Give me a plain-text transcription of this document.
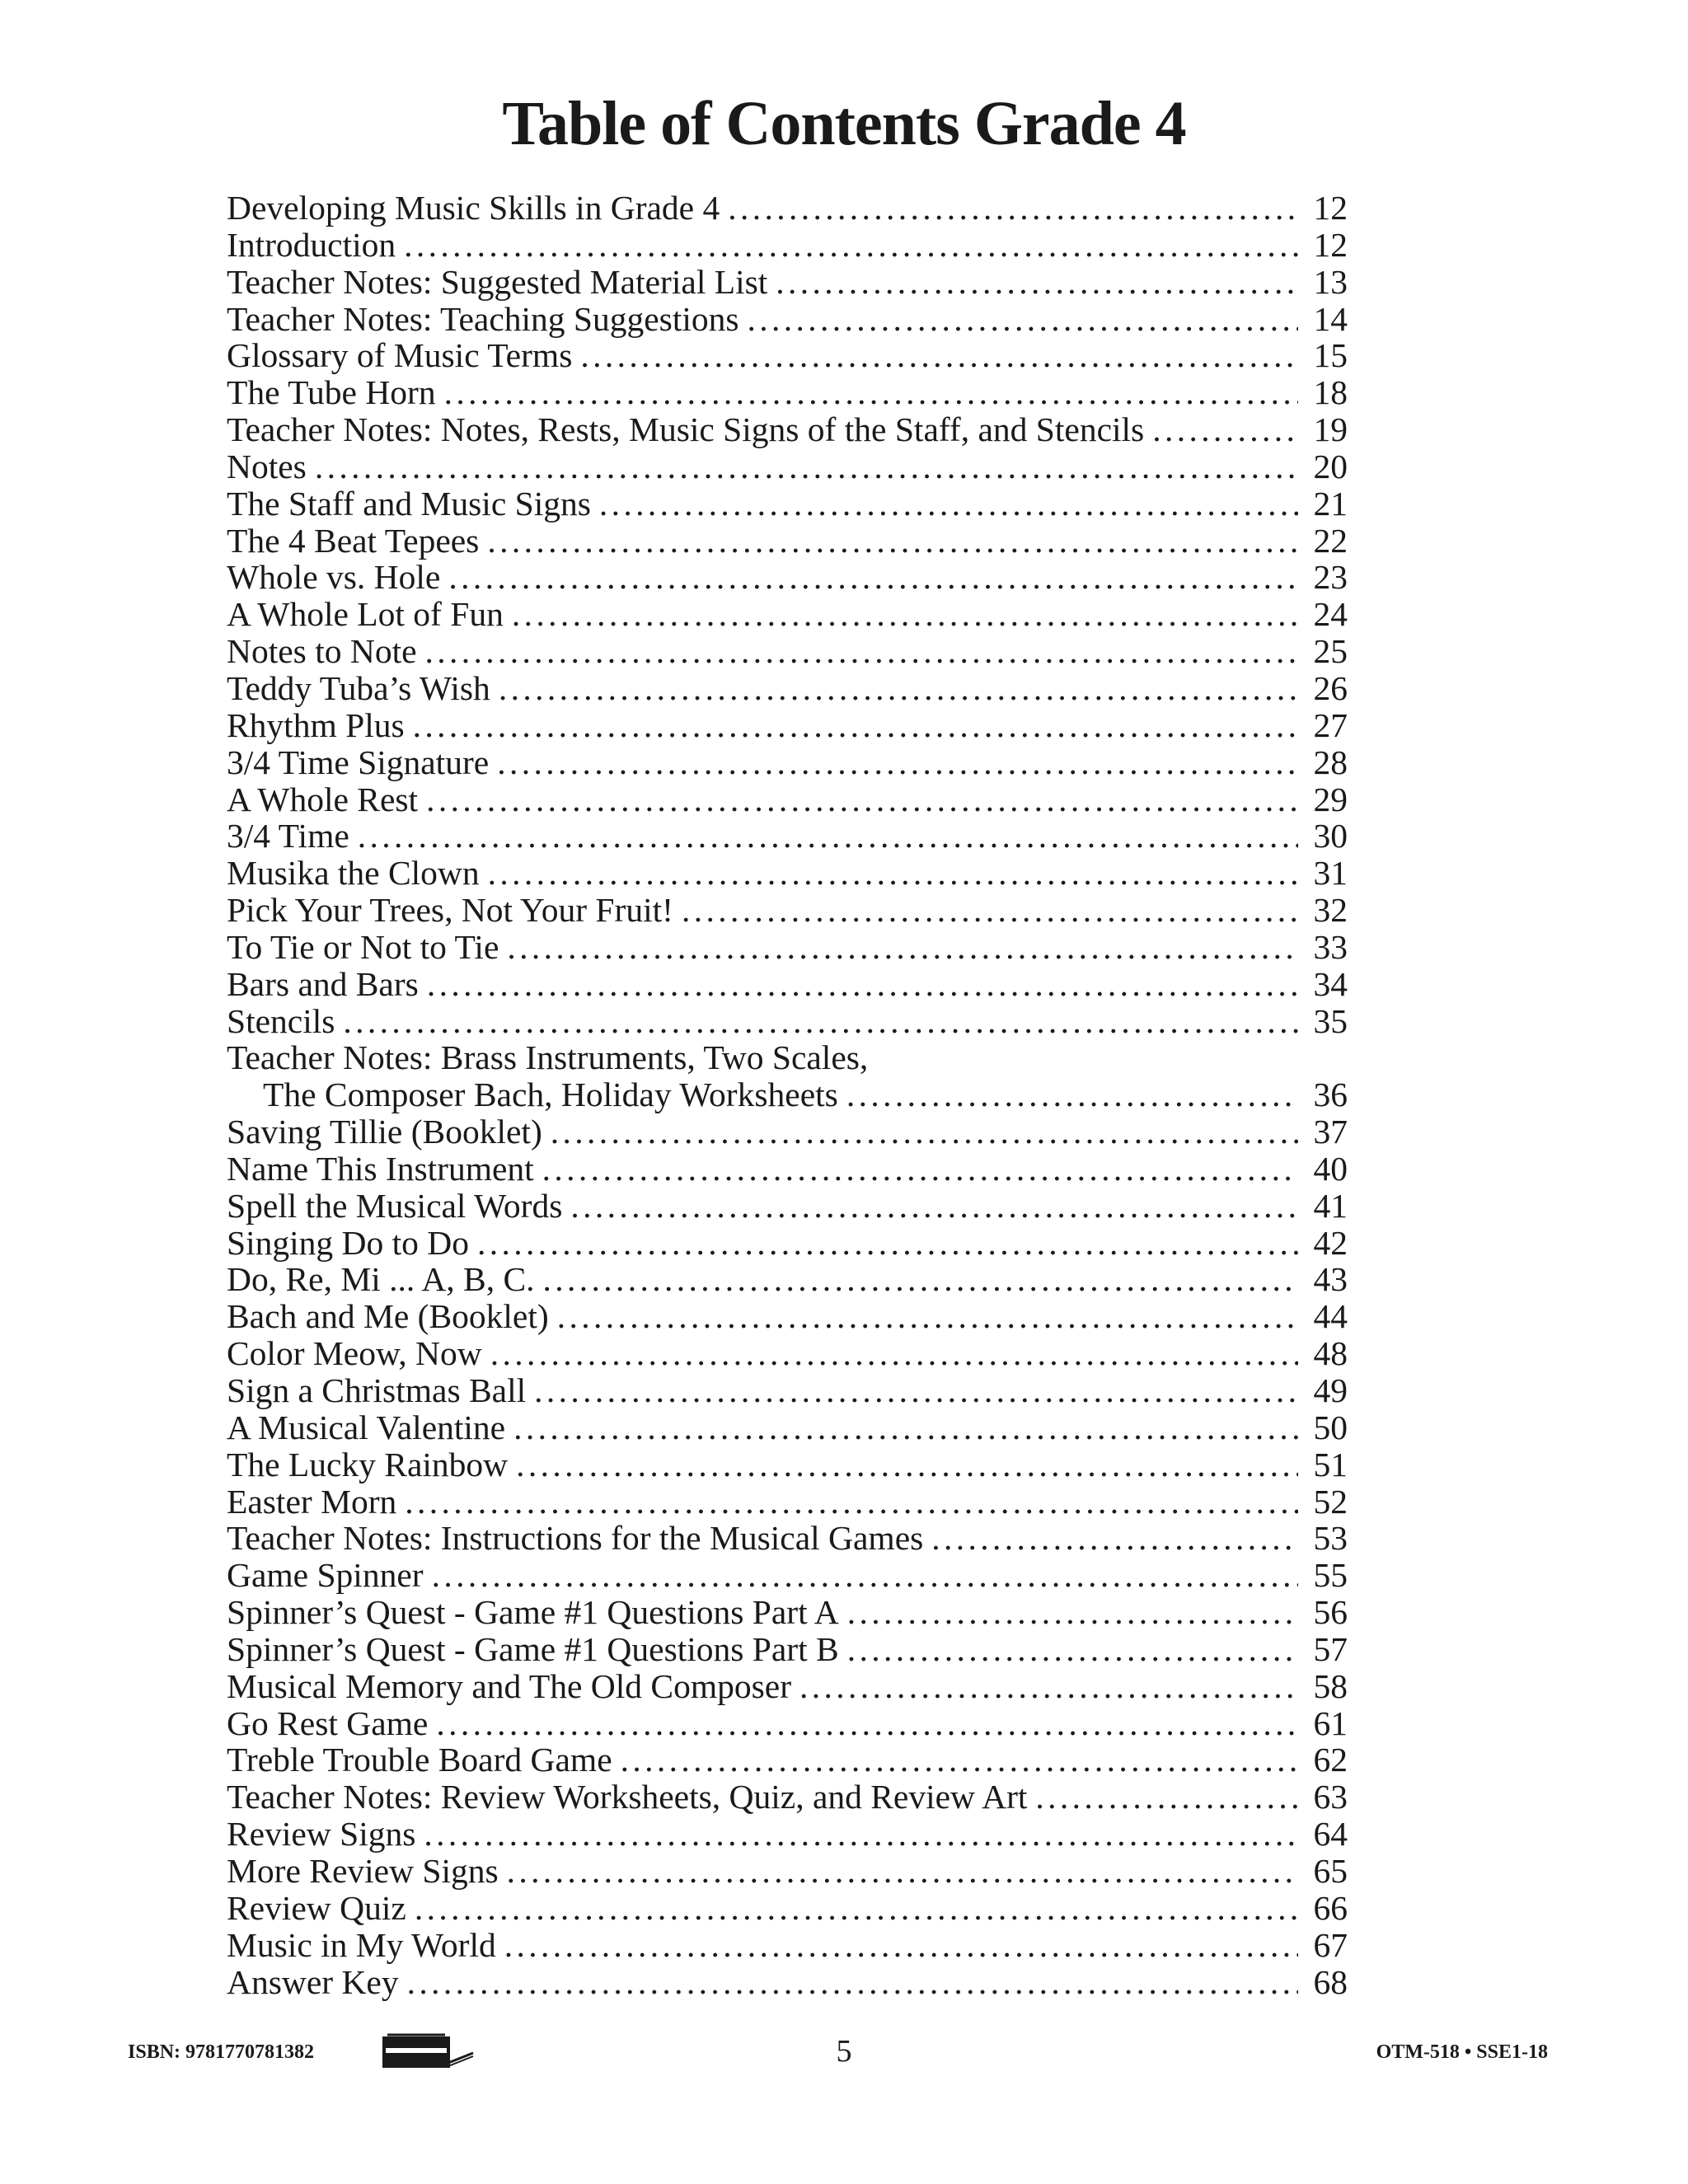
Table of Contents Grade 4
Developing Music Skills in Grade 4 . . .	12
Introduction . . .	12
Teacher Notes: Suggested Material List . . .	13
Teacher Notes: Teaching Suggestions . . .	14
Glossary of Music Terms . . .	15
The Tube Horn . . .	18
Teacher Notes: Notes, Rests, Music Signs of the Staff, and Stencils . . .	19
Notes . . .	20
The Staff and Music Signs . . .	21
The 4 Beat Tepees . . .	22
Whole vs. Hole . . .	23
A Whole Lot of Fun . . .	24
Notes to Note . . .	25
Teddy Tuba’s Wish . . .	26
Rhythm Plus . . .	27
3/4 Time Signature . . .	28
A Whole Rest . . .	29
3/4 Time . . .	30
Musika the Clown . . .	31
Pick Your Trees, Not Your Fruit! . . .	32
To Tie or Not to Tie . . .	33
Bars and Bars . . .	34
Stencils . . .	35
Teacher Notes: Brass Instruments, Two Scales,
The Composer Bach, Holiday Worksheets . . .	36
Saving Tillie (Booklet) . . .	37
Name This Instrument . . .	40
Spell the Musical Words . . .	41
Singing Do to Do . . .	42
Do, Re, Mi ... A, B, C. . . .	43
Bach and Me (Booklet) . . .	44
Color Meow, Now . . .	48
Sign a Christmas Ball . . .	49
A Musical Valentine . . .	50
The Lucky Rainbow . . .	51
Easter Morn . . .	52
Teacher Notes: Instructions for the Musical Games . . .	53
Game Spinner . . .	55
Spinner’s Quest - Game #1 Questions Part A . . .	56
Spinner’s Quest - Game #1 Questions Part B . . .	57
Musical Memory and The Old Composer . . .	58
Go Rest Game . . .	61
Treble Trouble Board Game . . .	62
Teacher Notes: Review Worksheets, Quiz, and Review Art . . .	63
Review Signs . . .	64
More Review Signs . . .	65
Review Quiz . . .	66
Music in My World . . .	67
Answer Key . . .	68
ISBN: 9781770781382	5	OTM-518 • SSE1-18
